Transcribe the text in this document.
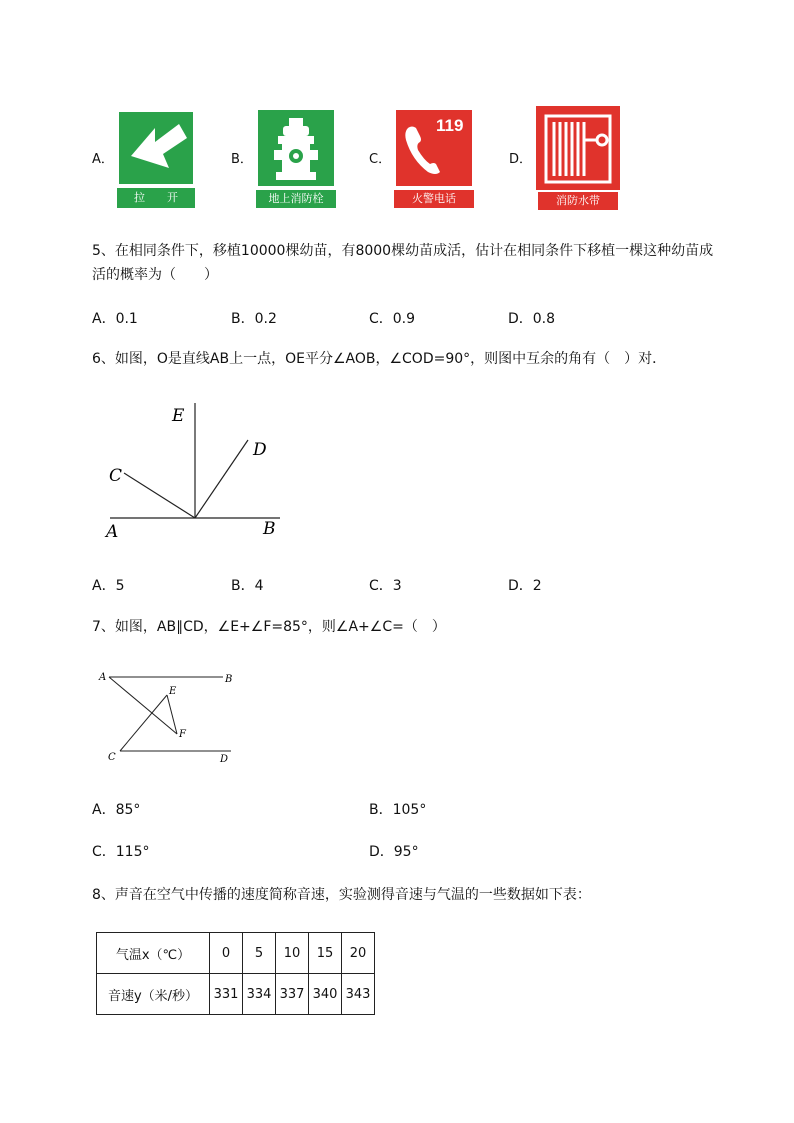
A．
拉　　开
B．
地上消防栓
C．
119
火警电话
D．
消防水带
5、在相同条件下，移植10000棵幼苗，有8000棵幼苗成活，估计在相同条件下移植一棵这种幼苗成
活的概率为（　　）
A．0.1	B．0.2	C．0.9	D．0.8
6、如图，O是直线AB上一点，OE平分∠AOB，∠COD=90°，则图中互余的角有（　）对．
E
D
C
A	B
A．5	B．4	C．3	D．2
7、如图，AB∥CD，∠E+∠F=85°，则∠A+∠C=（　）
A	B
E
F
C	D
A．85°	B．105°
C．115°	D．95°
8、声音在空气中传播的速度简称音速，实验测得音速与气温的一些数据如下表：
气温x（℃）	0	5	10	15	20
音速y（米/秒）	331	334	337	340	343
